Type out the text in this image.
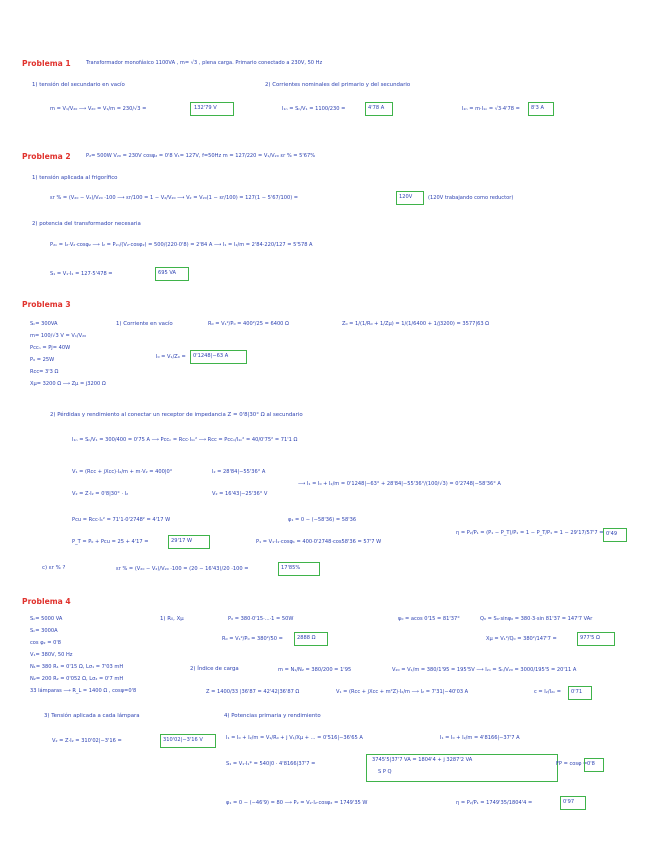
Problema 1	Transformador monofásico 1100VA , m= √3 , plena carga. Primario conectado a 230V, 50 Hz
1) tensión del secundario en vacío
m = V₁/V₂₀ ⟶ V₂₀ = V₁/m = 230/√3 =	132'79 V
2) Corrientes nominales del primario y del secundario
I₁ₙ = Sₙ/V₁ = 1100/230 =	4'78 A	I₂ₙ = m·I₁ₙ = √3·4'78 = 8'3 A
Problema 2	P₂= 500W V₂₀ = 230V cosφ₂ = 0'8 V₁= 127V, f=50Hz m = 127/220 = V₁/V₂₀ εr % = 5'67%
1) tensión aplicada al frigorífico
εr % = (V₂₀ − V₂)/V₂₀ ·100 ⟶ εr/100 = 1 − V₂/V₂₀ ⟶ V₂ = V₂₀(1 − εr/100) = 127(1 − 5'67/100) =	120V	(120V trabajando como reductor)
2) potencia del transformador necesaria
P₂ₙ = I₂·V₂·cosφ₂ ⟶ I₂ = P₂ₙ/(V₂·cosφ₂) = 500/(220·0'8) = 2'84 A ⟶ I₁ = I₂/m = 2'84·220/127 = 5'578 A
S₁ = V₁·I₁ = 127·5'478 =	695 VA
Problema 3
Sₙ= 300VA
m= 100/√3 V = V₁/V₂₀
Pccₙ = Pj= 40W
P₀ = 25W
Rcc= 3'3 Ω
Xμ= 3200 Ω ⟶ Zμ = j3200 Ω
1) Corriente en vacío	R₀ = V₁²/P₀ = 400²/25 = 6400 Ω	Z₀ = 1/(1/R₀ + 1/Zμ) = 1/(1/6400 + 1/j3200) = 3577|63 Ω
I₀ = V₁/Z₀ = 0'1248|−63 A
2) Pérdidas y rendimiento al conectar un receptor de impedancia Z = 0'8|30° Ω al secundario
I₁ₙ = Sₙ/V₁ = 300/400 = 0'75 A ⟶ Pccₙ = Rcc·I₁ₙ² ⟶ Rcc = Pccₙ/I₁ₙ² = 40/0'75² = 71'1 Ω
V₁ = (Rcc + jXcc)·I₂/m + m·V₂ = 400|0°
V₂ = Z·I₂ = 0'8|30° · I₂
I₂ = 28'84|−55'36° A
V₂ = 16'43|−25'36° V
⟶ I₁ = I₀ + I₂/m = 0'1248|−63° + 28'84|−55'36°/(100/√3) = 0'2748|−58'36° A
Pcu = Rcc·I₁² = 71'1·0'2748² = 4'17 W	φ₁ = 0 − (−58'36) = 58'36
P_T = P₀ + Pcu = 25 + 4'17 =	29'17 W	P₁ = V₁·I₁·cosφ₁ = 400·0'2748·cos58'36 = 57'7 W
η = P₂/P₁ = (P₁ − P_T)/P₁ = 1 − P_T/P₁ = 1 − 29'17/57'7 = 0'49
c) εr % ?	εr % = (V₂₀ − V₂)/V₂₀ ·100 = (20 − 16'43)/20 ·100 =	17'85%
Problema 4
Sₙ= 5000 VA
Sₙ= 3000A
cos φ₂ = 0'8
V₁= 380V, 50 Hz
N₁= 380 R₁ = 0'15 Ω, Lσ₁ = 7'03 mH
N₂= 200 R₂ = 0'052 Ω, Lσ₂ = 0'7 mH
33 lámparas ⟶ R_L = 1400 Ω , cosφ=0'8
1) R₀, Xμ	P₀ = 380·0'15·...·1 = 50W
R₀ = V₁²/P₀ = 380²/50 =	2888 Ω
ψ₀ = acos 0'15 = 81'37°	Q₀ = S₀·sinψ₀ = 380·3·sin 81'37 = 147'7 VAr
Xμ = V₁²/Q₀ = 380²/147'7 =	977'5 Ω
2) Índice de carga	m = N₁/N₂ = 380/200 = 1'95	V₂₀ = V₁/m = 380/1'95 = 195'5V ⟶ I₂ₙ = Sₙ/V₂₀ = 3000/195'5 = 20'11 A
Z = 1400/33 |36'87 = 42'42|36'87 Ω	V₁ = (Rcc + jXcc + m²Z)·I₂/m ⟶ I₂ = 7'31|−40'03 A	c = I₂/I₂ₙ = 0'71
3) Tensión aplicada a cada lámpara
V₂ = Z·I₂ = 310'02|−3'16 =	310'02|−3'16 V
4) Potencias primaria y rendimiento
I₁ = I₀ + I₂/m = V₁/R₀ + j V₁/Xμ + ... = 0'516|−36'65 A	I₁ = I₀ + I₂/m = 4'8166|−37'7 A
S₁ = V₁·I₁* = 540|0 · 4'8166|37'7 =
3745'5|37'7 VA = 1804'4 + j 3287'2 VA
S P Q
FP = cosφ = 0'8
φ₁ = 0 − (−46'9) = 80 ⟶ P₂ = V₂·I₂·cosφ₂ = 1749'35 W	η = P₂/P₁ = 1749'35/1804'4 =	0'97
